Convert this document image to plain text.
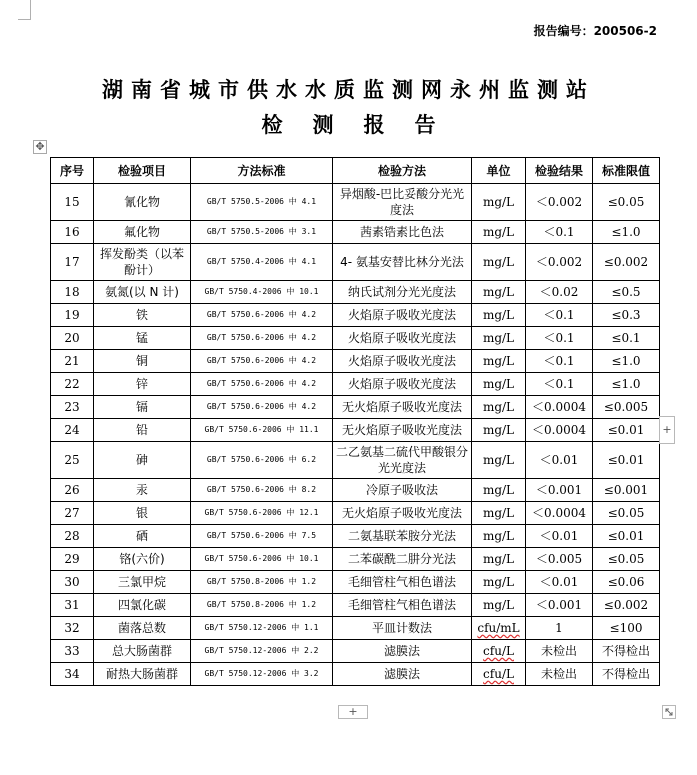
报告编号：200506-2
湖南省城市供水水质监测网永州监测站
检测报告
✥
序号	检验项目	方法标准	检验方法	单位	检验结果	标准限值
15	氰化物	GB/T 5750.5-2006 中 4.1	异烟酸-巴比妥酸分光光度法	mg/L	＜0.002	≤0.05
16	氟化物	GB/T 5750.5-2006 中 3.1	茜素锆素比色法	mg/L	＜0.1	≤1.0
17	挥发酚类（以苯酚计）	GB/T 5750.4-2006 中 4.1	4- 氨基安替比林分光法	mg/L	＜0.002	≤0.002
18	氨氮(以 N 计)	GB/T 5750.4-2006 中 10.1	纳氏试剂分光光度法	mg/L	＜0.02	≤0.5
19	铁	GB/T 5750.6-2006 中 4.2	火焰原子吸收光度法	mg/L	＜0.1	≤0.3
20	锰	GB/T 5750.6-2006 中 4.2	火焰原子吸收光度法	mg/L	＜0.1	≤0.1
21	铜	GB/T 5750.6-2006 中 4.2	火焰原子吸收光度法	mg/L	＜0.1	≤1.0
22	锌	GB/T 5750.6-2006 中 4.2	火焰原子吸收光度法	mg/L	＜0.1	≤1.0
23	镉	GB/T 5750.6-2006 中 4.2	无火焰原子吸收光度法	mg/L	＜0.0004	≤0.005
24	铅	GB/T 5750.6-2006 中 11.1	无火焰原子吸收光度法	mg/L	＜0.0004	≤0.01
25	砷	GB/T 5750.6-2006 中 6.2	二乙氨基二硫代甲酸银分光光度法	mg/L	＜0.01	≤0.01
26	汞	GB/T 5750.6-2006 中 8.2	冷原子吸收法	mg/L	＜0.001	≤0.001
27	银	GB/T 5750.6-2006 中 12.1	无火焰原子吸收光度法	mg/L	＜0.0004	≤0.05
28	硒	GB/T 5750.6-2006 中 7.5	二氨基联苯胺分光法	mg/L	＜0.01	≤0.01
29	铬(六价)	GB/T 5750.6-2006 中 10.1	二苯碳酰二肼分光法	mg/L	＜0.005	≤0.05
30	三氯甲烷	GB/T 5750.8-2006 中 1.2	毛细管柱气相色谱法	mg/L	＜0.01	≤0.06
31	四氯化碳	GB/T 5750.8-2006 中 1.2	毛细管柱气相色谱法	mg/L	＜0.001	≤0.002
32	菌落总数	GB/T 5750.12-2006 中 1.1	平皿计数法	cfu/mL	1	≤100
33	总大肠菌群	GB/T 5750.12-2006 中 2.2	滤膜法	cfu/L	未检出	不得检出
34	耐热大肠菌群	GB/T 5750.12-2006 中 3.2	滤膜法	cfu/L	未检出	不得检出
+
+
